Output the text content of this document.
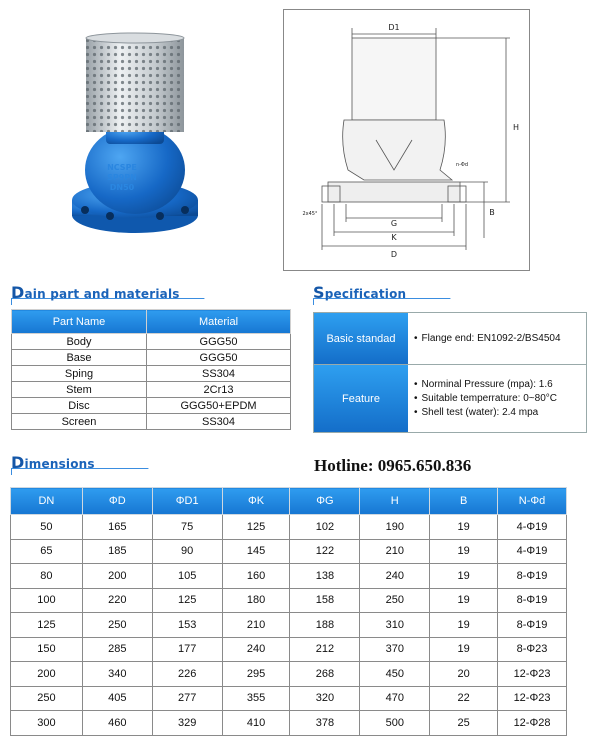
NCSPE
SP9PN
DN50
D1
H
n-Φd
2x45°
G
B
K
D
Dain part and materials
Part Name	Material
Body	GGG50
Base	GGG50
Sping	SS304
Stem	2Cr13
Disc	GGG50+EPDM
Screen	SS304
Specification
Basic standad	• Flange end: EN1092-2/BS4504
Feature
• Norminal Pressure (mpa): 1.6
• Suitable temperrature: 0~80°C
• Shell test (water): 2.4 mpa
Dimensions	Hotline: 0965.650.836
DN	ΦD	ΦD1	ΦK	ΦG	H	B	N-Φd
50	165	75	125	102	190	19	4-Φ19
65	185	90	145	122	210	19	4-Φ19
80	200	105	160	138	240	19	8-Φ19
100	220	125	180	158	250	19	8-Φ19
125	250	153	210	188	310	19	8-Φ19
150	285	177	240	212	370	19	8-Φ23
200	340	226	295	268	450	20	12-Φ23
250	405	277	355	320	470	22	12-Φ23
300	460	329	410	378	500	25	12-Φ28
